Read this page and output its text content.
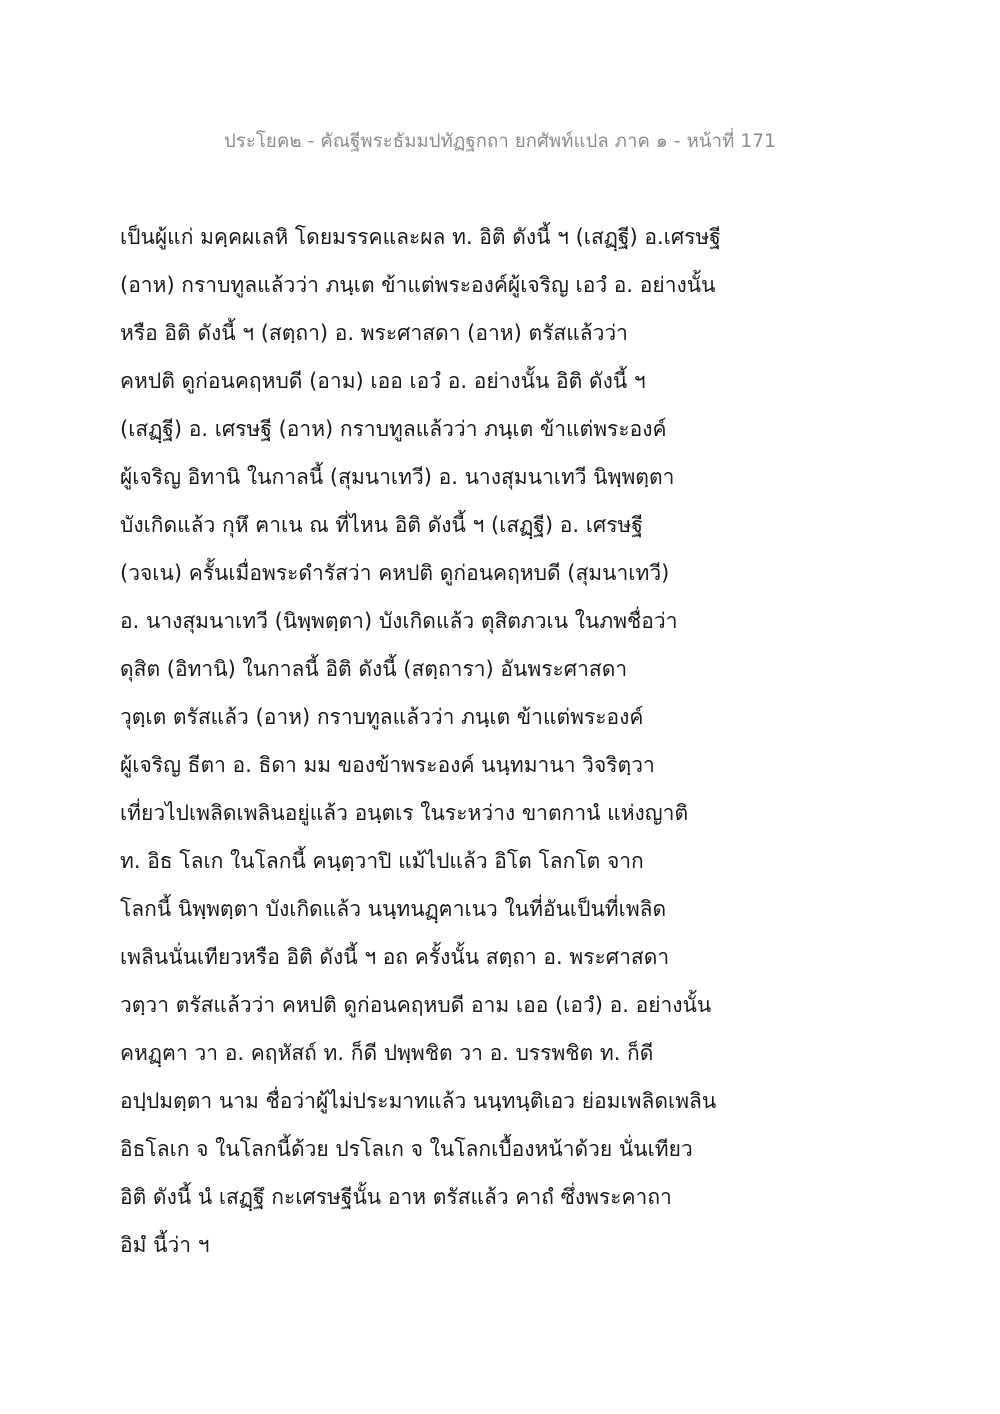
ประโยค๒ - คัณฐีพระธัมมปทัฏฐกถา ยกศัพท์แปล ภาค ๑ - หน้าที่ 171
เป็นผู้แก่ มคฺคผเลหิ โดยมรรคและผล ท. อิติ ดังนี้ ฯ (เสฏฺฐี) อ.เศรษฐี
(อาห) กราบทูลแล้วว่า ภนฺเต ข้าแต่พระองค์ผู้เจริญ เอวํ อ. อย่างนั้น
หรือ อิติ ดังนี้ ฯ (สตฺถา) อ. พระศาสดา (อาห) ตรัสแล้วว่า
คหปติ ดูก่อนคฤหบดี (อาม) เออ เอวํ อ. อย่างนั้น อิติ ดังนี้ ฯ
(เสฏฺฐี) อ. เศรษฐี (อาห) กราบทูลแล้วว่า ภนฺเต ข้าแต่พระองค์
ผู้เจริญ อิทานิ ในกาลนี้ (สุมนาเทวี) อ. นางสุมนาเทวี นิพฺพตฺตา
บังเกิดแล้ว กุหึ ฅาเน ณ ที่ไหน อิติ ดังนี้ ฯ (เสฏฺฐี) อ. เศรษฐี
(วจเน) ครั้นเมื่อพระดำรัสว่า คหปติ ดูก่อนคฤหบดี (สุมนาเทวี)
อ. นางสุมนาเทวี (นิพฺพตฺตา) บังเกิดแล้ว ตุสิตภวเน ในภพชื่อว่า
ดุสิต (อิทานิ) ในกาลนี้ อิติ ดังนี้ (สตฺถารา) อันพระศาสดา
วุตฺเต ตรัสแล้ว (อาห) กราบทูลแล้วว่า ภนฺเต ข้าแต่พระองค์
ผู้เจริญ ธีตา อ. ธิดา มม ของข้าพระองค์ นนฺทมานา วิจริตฺวา
เที่ยวไปเพลิดเพลินอยู่แล้ว อนฺตเร ในระหว่าง ขาตกานํ แห่งญาติ
ท. อิธ โลเก ในโลกนี้ คนฺตฺวาปิ แม้ไปแล้ว อิโต โลกโต จาก
โลกนี้ นิพฺพตฺตา บังเกิดแล้ว นนฺทนฏฺฅาเนว ในที่อันเป็นที่เพลิด
เพลินนั่นเทียวหรือ อิติ ดังนี้ ฯ อถ ครั้งนั้น สตฺถา อ. พระศาสดา
วตฺวา ตรัสแล้วว่า คหปติ ดูก่อนคฤหบดี อาม เออ (เอวํ) อ. อย่างนั้น
คหฏฺฅา วา อ. คฤหัสถ์ ท. ก็ดี ปพฺพชิต วา อ. บรรพชิต ท. ก็ดี
อปฺปมตฺตา นาม ชื่อว่าผู้ไม่ประมาทแล้ว นนฺทนฺติเอว ย่อมเพลิดเพลิน
อิธโลเก จ ในโลกนี้ด้วย ปรโลเก จ ในโลกเบื้องหน้าด้วย นั่นเทียว
อิติ ดังนี้ นํ เสฏฺฐึ กะเศรษฐีนั้น อาห ตรัสแล้ว คาถํ ซึ่งพระคาถา
อิมํ นี้ว่า ฯ
